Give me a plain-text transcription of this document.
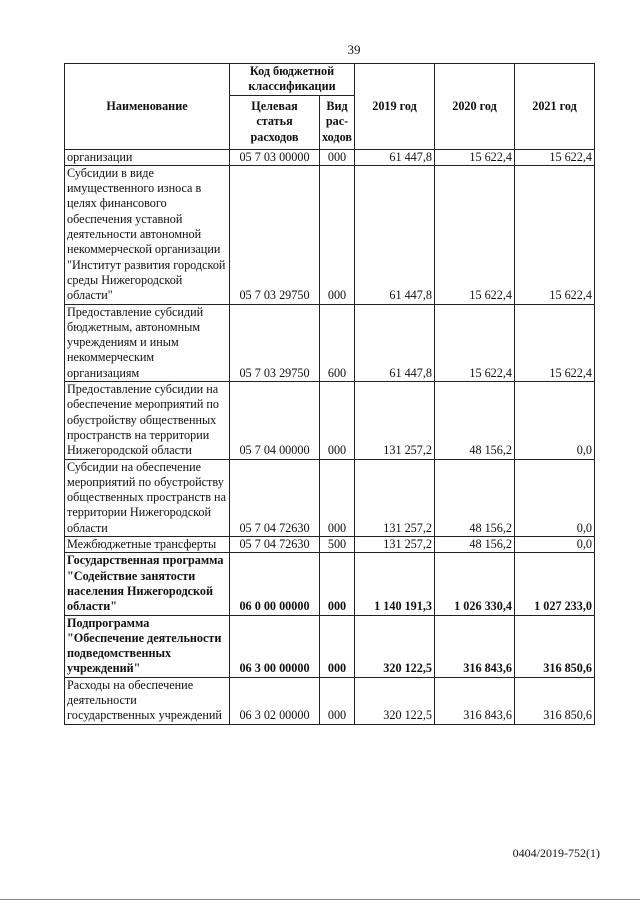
39
Наименование	Код бюджетной классификации		2019 год	2020 год	2021 год
	Целевая статья расходов	Вид рас-ходов			
организации	05 7 03 00000	000	61 447,8	15 622,4	15 622,4
Субсидии в виде имущественного износа в целях финансового обеспечения уставной деятельности автономной некоммерческой организации "Институт развития городской среды Нижегородской области"	05 7 03 29750	000	61 447,8	15 622,4	15 622,4
Предоставление субсидий бюджетным, автономным учреждениям и иным некоммерческим организациям	05 7 03 29750	600	61 447,8	15 622,4	15 622,4
Предоставление субсидии на обеспечение мероприятий по обустройству общественных пространств на территории Нижегородской области	05 7 04 00000	000	131 257,2	48 156,2	0,0
Субсидии на обеспечение мероприятий по обустройству общественных пространств на территории Нижегородской области	05 7 04 72630	000	131 257,2	48 156,2	0,0
Межбюджетные трансферты	05 7 04 72630	500	131 257,2	48 156,2	0,0
Государственная программа "Содействие занятости населения Нижегородской области"	06 0 00 00000	000	1 140 191,3	1 026 330,4	1 027 233,0
Подпрограмма "Обеспечение деятельности подведомственных учреждений"	06 3 00 00000	000	320 122,5	316 843,6	316 850,6
Расходы на обеспечение деятельности государственных учреждений	06 3 02 00000	000	320 122,5	316 843,6	316 850,6
0404/2019-752(1)
